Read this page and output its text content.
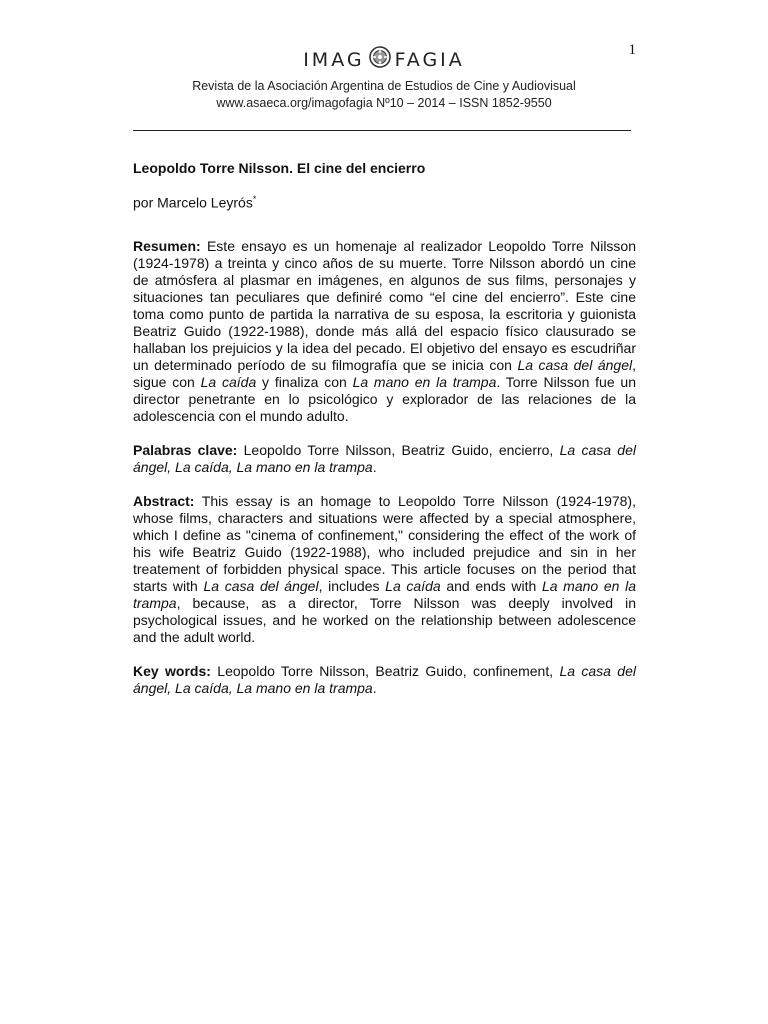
1
IMAG FAGIA
Revista de la Asociación Argentina de Estudios de Cine y Audiovisual
www.asaeca.org/imagofagia Nº10 – 2014 – ISSN 1852-9550

Leopoldo Torre Nilsson. El cine del encierro

por Marcelo Leyrós*

Resumen: Este ensayo es un homenaje al realizador Leopoldo Torre Nilsson (1924-1978) a treinta y cinco años de su muerte. Torre Nilsson abordó un cine de atmósfera al plasmar en imágenes, en algunos de sus films, personajes y situaciones tan peculiares que definiré como “el cine del encierro”. Este cine toma como punto de partida la narrativa de su esposa, la escritoria y guionista Beatriz Guido (1922-1988), donde más allá del espacio físico clausurado se hallaban los prejuicios y la idea del pecado. El objetivo del ensayo es escudriñar un determinado período de su filmografía que se inicia con La casa del ángel, sigue con La caída y finaliza con La mano en la trampa. Torre Nilsson fue un director penetrante en lo psicológico y explorador de las relaciones de la adolescencia con el mundo adulto.

Palabras clave: Leopoldo Torre Nilsson, Beatriz Guido, encierro, La casa del ángel, La caída, La mano en la trampa.

Abstract: This essay is an homage to Leopoldo Torre Nilsson (1924-1978), whose films, characters and situations were affected by a special atmosphere, which I define as "cinema of confinement," considering the effect of the work of his wife Beatriz Guido (1922-1988), who included prejudice and sin in her treatement of forbidden physical space. This article focuses on the period that starts with La casa del ángel, includes La caída and ends with La mano en la trampa, because, as a director, Torre Nilsson was deeply involved in psychological issues, and he worked on the relationship between adolescence and the adult world.

Key words: Leopoldo Torre Nilsson, Beatriz Guido, confinement, La casa del ángel, La caída, La mano en la trampa.
